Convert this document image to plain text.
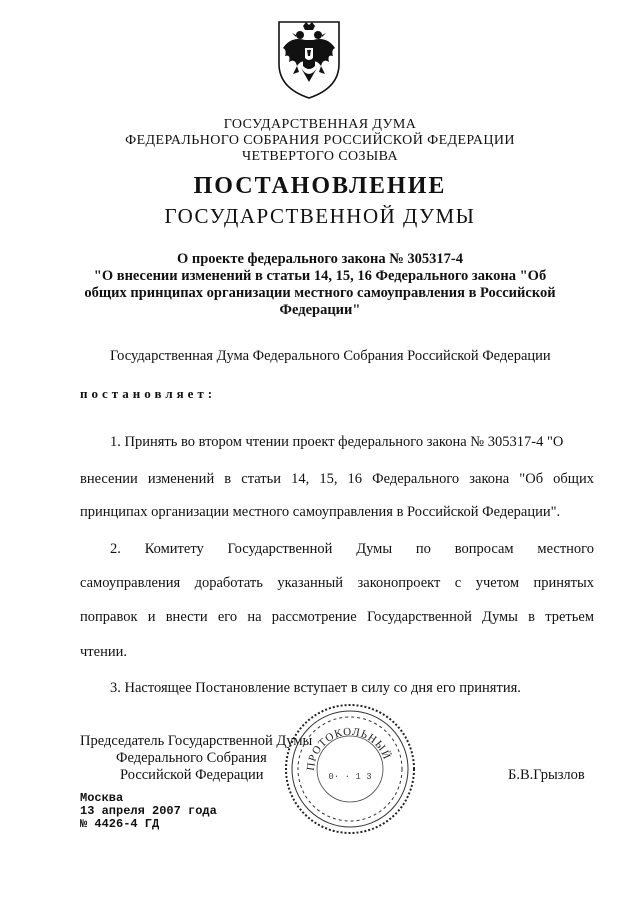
ГОСУДАРСТВЕННАЯ ДУМА
ФЕДЕРАЛЬНОГО СОБРАНИЯ РОССИЙСКОЙ ФЕДЕРАЦИИ
ЧЕТВЕРТОГО СОЗЫВА
ПОСТАНОВЛЕНИЕ
ГОСУДАРСТВЕННОЙ ДУМЫ
О проекте федерального закона № 305317-4
"О внесении изменений в статьи 14, 15, 16 Федерального закона "Об
общих принципах организации местного самоуправления в Российской
Федерации"
Государственная Дума Федерального Собрания Российской Федерации
постановляет:
1. Принять во втором чтении проект федерального закона № 305317-4 "О
внесении изменений в статьи 14, 15, 16 Федерального закона "Об общих
принципах организации местного самоуправления в Российской Федерации".
2. Комитету Государственной Думы по вопросам местного
самоуправления доработать указанный законопроект с учетом принятых
поправок и внести его на рассмотрение Государственной Думы в третьем
чтении.
3. Настоящее Постановление вступает в силу со дня его принятия.
Председатель Государственной Думы
Федерального Собрания
Российской Федерации	Б.В.Грызлов
ПРОТОКОЛЬНЫЙ
0· · 1 3
Москва
13 апреля 2007 года
№ 4426-4 ГД
